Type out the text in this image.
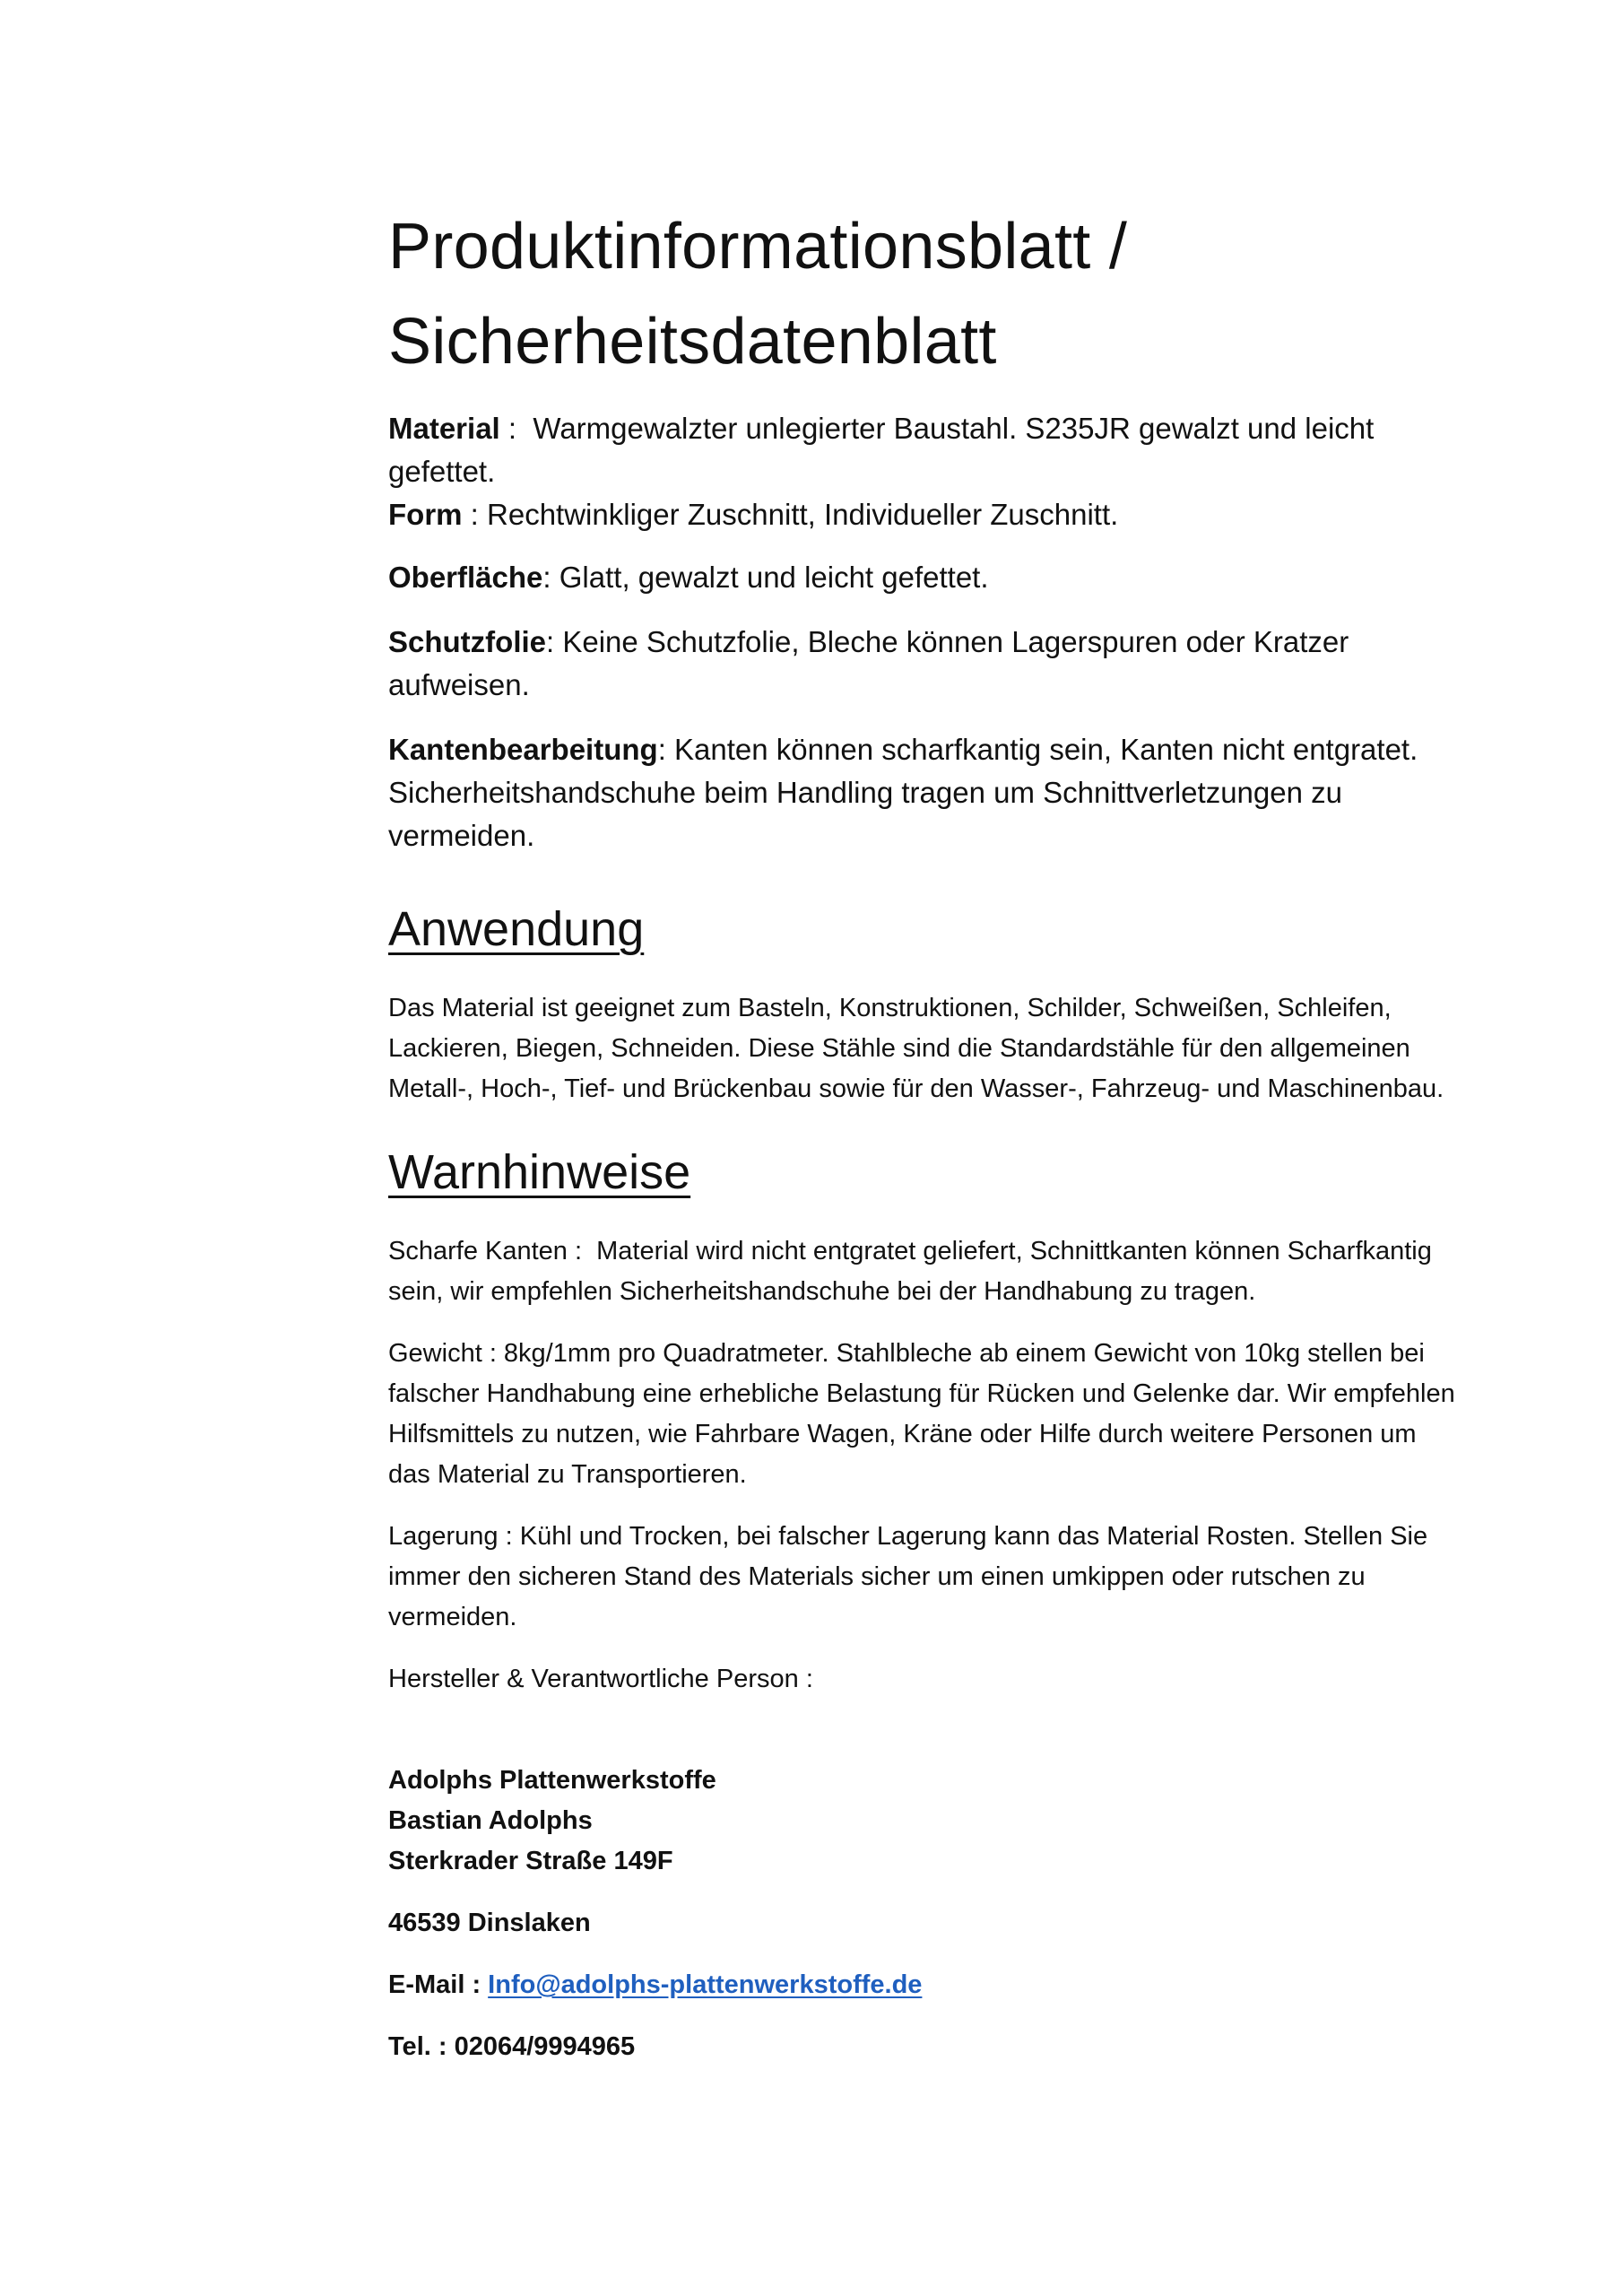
Produktinformationsblatt /
Sicherheitsdatenblatt

Material :  Warmgewalzter unlegierter Baustahl. S235JR gewalzt und leicht gefettet.

Form : Rechtwinkliger Zuschnitt, Individueller Zuschnitt.

Oberfläche: Glatt, gewalzt und leicht gefettet.

Schutzfolie: Keine Schutzfolie, Bleche können Lagerspuren oder Kratzer aufweisen.

Kantenbearbeitung: Kanten können scharfkantig sein, Kanten nicht entgratet. Sicherheitshandschuhe beim Handling tragen um Schnittverletzungen zu vermeiden.

Anwendung

Das Material ist geeignet zum Basteln, Konstruktionen, Schilder, Schweißen, Schleifen, Lackieren, Biegen, Schneiden. Diese Stähle sind die Standardstähle für den allgemeinen Metall-, Hoch-, Tief- und Brückenbau sowie für den Wasser-, Fahrzeug- und Maschinenbau.

Warnhinweise

Scharfe Kanten :  Material wird nicht entgratet geliefert, Schnittkanten können Scharfkantig sein, wir empfehlen Sicherheitshandschuhe bei der Handhabung zu tragen.

Gewicht : 8kg/1mm pro Quadratmeter. Stahlbleche ab einem Gewicht von 10kg stellen bei falscher Handhabung eine erhebliche Belastung für Rücken und Gelenke dar. Wir empfehlen Hilfsmittels zu nutzen, wie Fahrbare Wagen, Kräne oder Hilfe durch weitere Personen um das Material zu Transportieren.

Lagerung : Kühl und Trocken, bei falscher Lagerung kann das Material Rosten. Stellen Sie immer den sicheren Stand des Materials sicher um einen umkippen oder rutschen zu vermeiden.

Hersteller & Verantwortliche Person :

Adolphs Plattenwerkstoffe

Bastian Adolphs

Sterkrader Straße 149F

46539 Dinslaken

E-Mail : Info@adolphs-plattenwerkstoffe.de

Tel. : 02064/9994965
